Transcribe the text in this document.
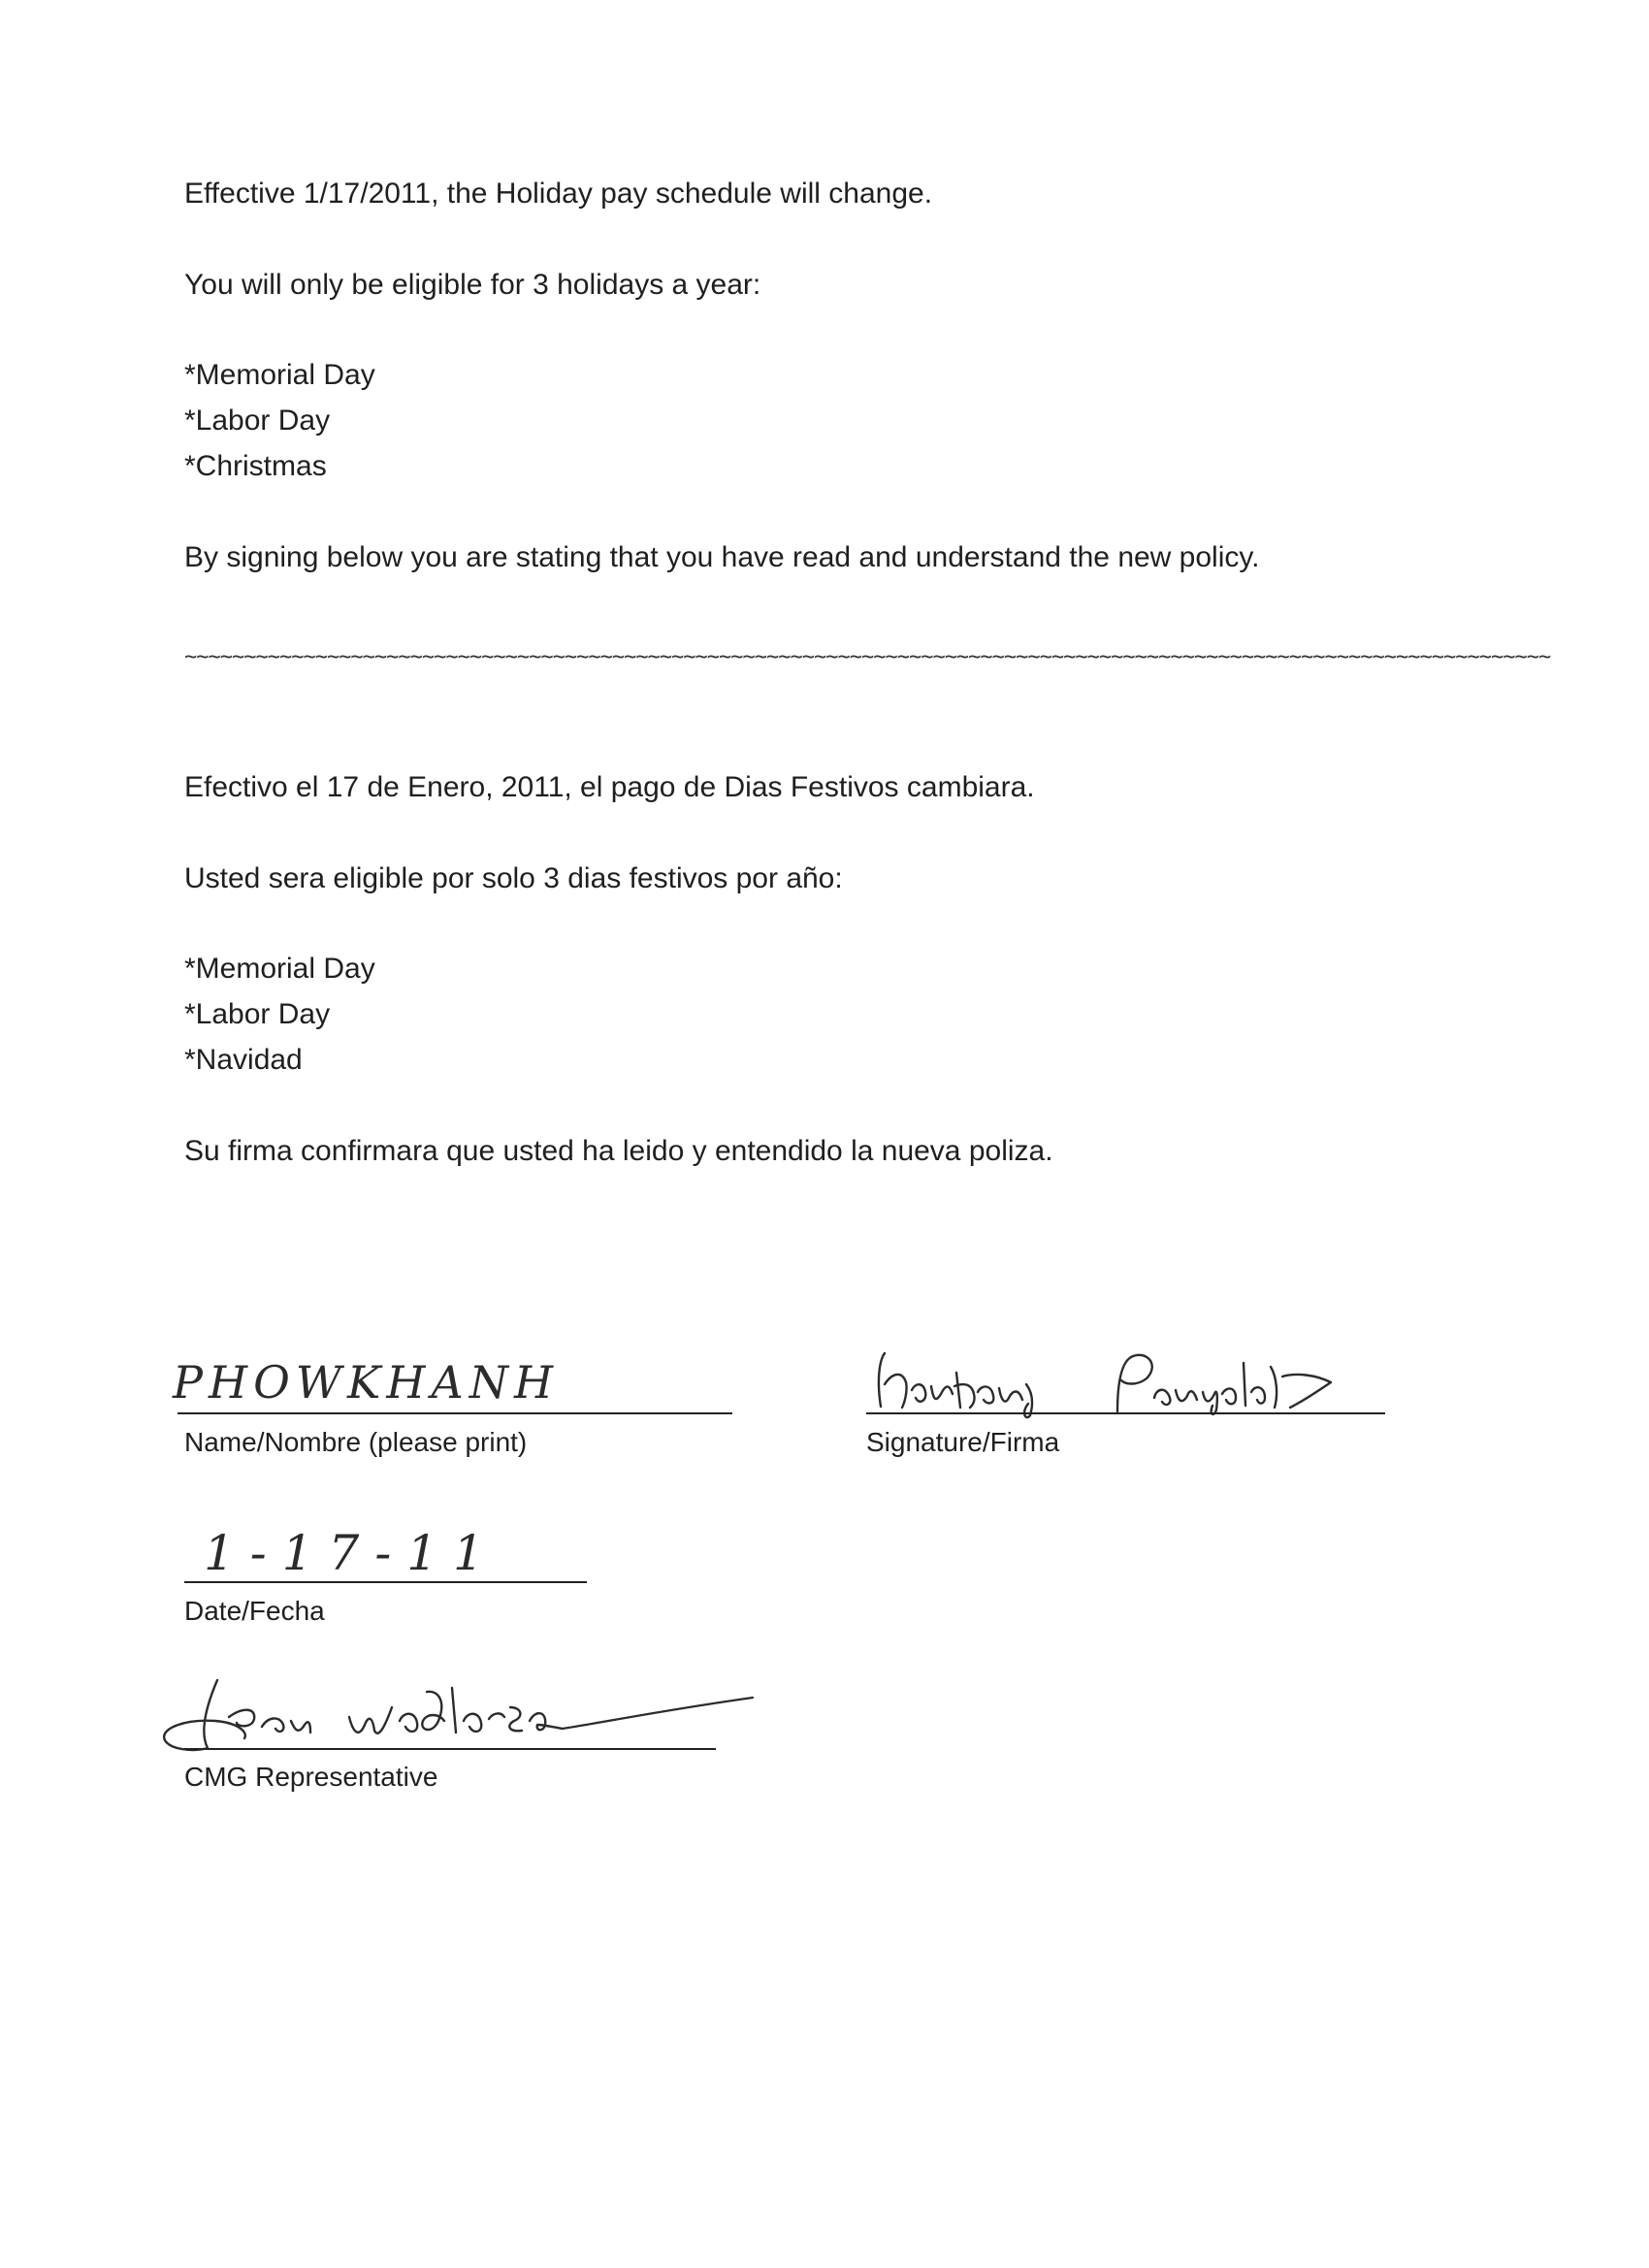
Effective 1/17/2011, the Holiday pay schedule will change.

You will only be eligible for 3 holidays a year:

*Memorial Day

*Labor Day

*Christmas

By signing below you are stating that you have read and understand the new policy.

~~~~~~~~~~~~~~~~~~~~~~~~~~~~~~~~~~~~~~~~~~~~~~~~~~~~~~~~~~~~~~~~~~~~~~~~~~~~~~~~~~~~~~~~~~~~~~~~~~~~~~~~~~~~~~~~~~~

Efectivo el 17 de Enero, 2011, el pago de Dias Festivos cambiara.

Usted sera eligible por solo 3 dias festivos por año:

*Memorial Day

*Labor Day

*Navidad

Su firma confirmara que usted ha leido y entendido la nueva poliza.

PHOWKHANH
Name/Nombre (please print)	Signature/Firma
1-17-11
Date/Fecha
CMG Representative
